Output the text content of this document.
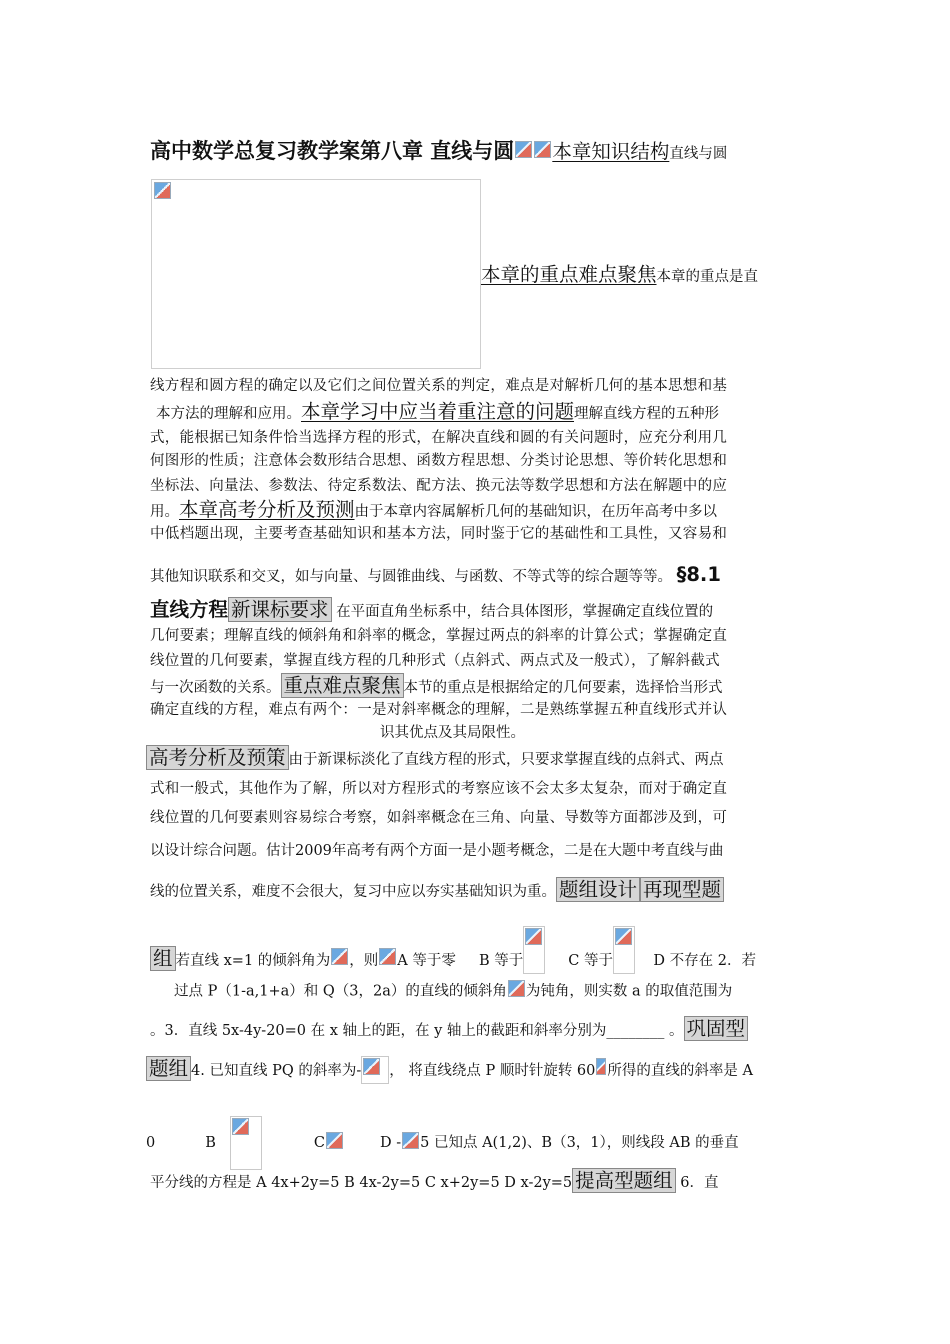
高中数学总复习教学案第八章 直线与圆 本章知识结构直线与圆
本章的重点难点聚焦本章的重点是直
线方程和圆方程的确定以及它们之间位置关系的判定，难点是对解析几何的基本思想和基
本方法的理解和应用。本章学习中应当着重注意的问题理解直线方程的五种形
式，能根据已知条件恰当选择方程的形式，在解决直线和圆的有关问题时，应充分利用几
何图形的性质；注意体会数形结合思想、函数方程思想、分类讨论思想、等价转化思想和
坐标法、向量法、参数法、待定系数法、配方法、换元法等数学思想和方法在解题中的应
用。本章高考分析及预测由于本章内容属解析几何的基础知识，在历年高考中多以
中低档题出现，主要考查基础知识和基本方法，同时鉴于它的基础性和工具性，又容易和
其他知识联系和交叉，如与向量、与圆锥曲线、与函数、不等式等的综合题等等。 §8.1
直线方程 新课标要求 在平面直角坐标系中，结合具体图形，掌握确定直线位置的
几何要素；理解直线的倾斜角和斜率的概念，掌握过两点的斜率的计算公式；掌握确定直
线位置的几何要素，掌握直线方程的几种形式（点斜式、两点式及一般式），了解斜截式
与一次函数的关系。 重点难点聚焦 本节的重点是根据给定的几何要素，选择恰当形式
确定直线的方程，难点有两个：一是对斜率概念的理解，二是熟练掌握五种直线形式并认
识其优点及其局限性。
高考分析及预策 由于新课标淡化了直线方程的形式，只要求掌握直线的点斜式、两点
式和一般式，其他作为了解，所以对方程形式的考察应该不会太多太复杂，而对于确定直
线位置的几何要素则容易综合考察，如斜率概念在三角、向量、导数等方面都涉及到，可
以设计综合问题。估计2009年高考有两个方面一是小题考概念，二是在大题中考直线与曲
线的位置关系，难度不会很大，复习中应以夯实基础知识为重。 题组设计 再现型题
组 若直线 x=1 的倾斜角为 ，则 A 等于零 B 等于	C 等于	D 不存在 2．若
过点 P（1-a,1+a）和 Q（3，2a）的直线的倾斜角 为钝角，则实数 a 的取值范围为
。3．直线 5x-4y-20=0 在 x 轴上的距，在 y 轴上的截距和斜率分别为________ 。 巩固型
题组 4. 已知直线 PQ 的斜率为- ， 将直线绕点 P 顺时针旋转 60 所得的直线的斜率是 A
0	B	C	D - 5 已知点 A(1,2)、B（3，1），则线段 AB 的垂直
平分线的方程是 A 4x+2y=5 B 4x-2y=5 C x+2y=5 D x-2y=5 提高型题组 6．直
